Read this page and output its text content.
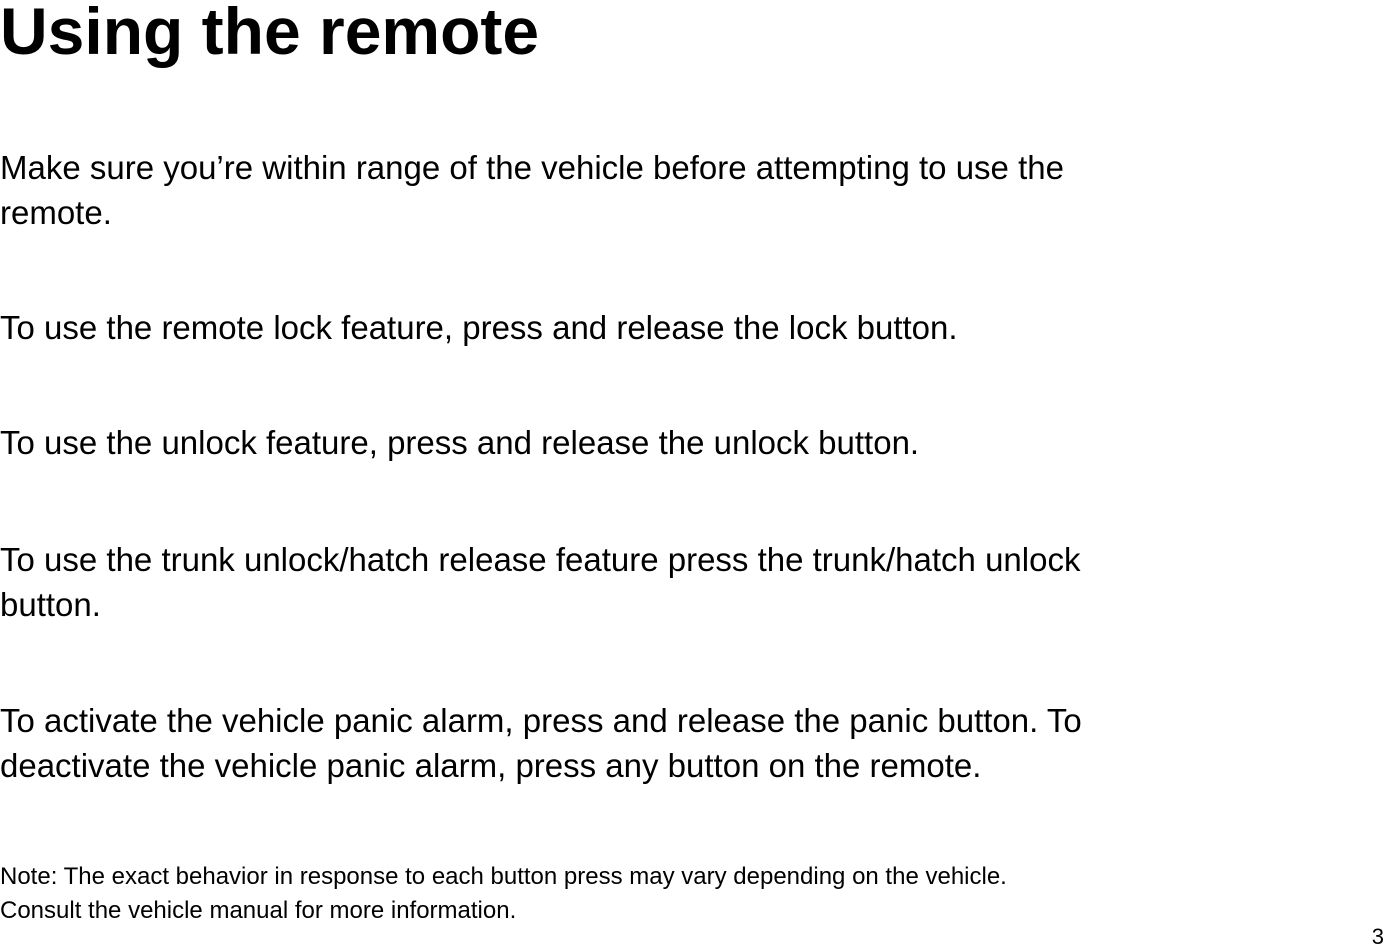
Using the remote

Make sure you’re within range of the vehicle before attempting to use the
remote.

To use the remote lock feature, press and release the lock button.

To use the unlock feature, press and release the unlock button.

To use the trunk unlock/hatch release feature press the trunk/hatch unlock
button.

To activate the vehicle panic alarm, press and release the panic button. To
deactivate the vehicle panic alarm, press any button on the remote.

Note: The exact behavior in response to each button press may vary depending on the vehicle.
Consult the vehicle manual for more information.

3
